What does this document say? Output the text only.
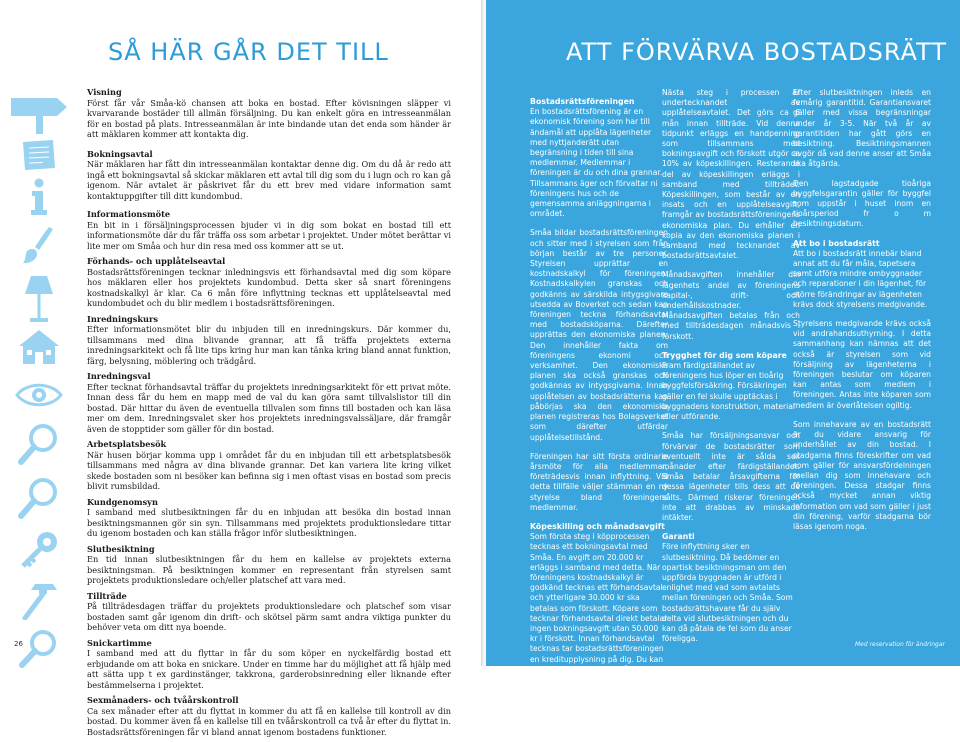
SÅ HÄR GÅR DET TILL	ATT FÖRVÄRVA BOSTADSRÄTT
Visning

Först får vår Småa-kö chansen att boka en bostad. Efter kövisningen släpper vi kvarvarande bostäder till allmän försäljning. Du kan enkelt göra en intresseanmälan för en bostad på plats. Intresseanmälan är inte bindande utan det enda som händer är att mäklaren kommer att kontakta dig.

Bokningsavtal

När mäklaren har fått din intresseanmälan kontaktar denne dig. Om du då är redo att ingå ett bokningsavtal så skickar mäklaren ett avtal till dig som du i lugn och ro kan gå igenom. När avtalet är påskrivet får du ett brev med vidare information samt kontaktuppgifter till ditt kundombud.

Informationsmöte

En bit in i försäljningsprocessen bjuder vi in dig som bokat en bostad till ett informationsmöte där du får träffa oss som arbetar i projektet. Under mötet berättar vi lite mer om Småa och hur din resa med oss kommer att se ut.

Förhands- och upplåtelseavtal

Bostadsrättsföreningen tecknar inledningsvis ett förhandsavtal med dig som köpare hos mäklaren eller hos projektets kundombud. Detta sker så snart föreningens kostnadskalkyl är klar. Ca 6 mån före inflyttning tecknas ett upplåtelseavtal med kundombudet och du blir medlem i bostadsrättsföreningen.

Inredningskurs

Efter informationsmötet blir du inbjuden till en inredningskurs. Där kommer du, tillsammans med dina blivande grannar, att få träffa projektets externa inredningsarkitekt och få lite tips kring hur man kan tänka kring bland annat funktion, färg, belysning, möblering och trädgård.

Inredningsval

Efter tecknat förhandsavtal träffar du projektets inredningsarkitekt för ett privat möte. Innan dess får du hem en mapp med de val du kan göra samt tillvalslistor till din bostad. Där hittar du även de eventuella tillvalen som finns till bostaden och kan läsa mer om dem. Inredningsvalet sker hos projektets inredningsvalssäljare, där framgår även de stopptider som gäller för din bostad.

Arbetsplatsbesök

När husen börjar komma upp i området får du en inbjudan till ett arbetsplatsbesök tillsammans med några av dina blivande grannar. Det kan variera lite kring vilket skede bostaden som ni besöker kan befinna sig i men oftast visas en bostad som precis blivit rumsbildad.

Kundgenomsyn

I samband med slutbesiktningen får du en inbjudan att besöka din bostad innan besiktningsmannen gör sin syn. Tillsammans med projektets produktionsledare tittar du igenom bostaden och kan ställa frågor inför slutbesiktningen.

Slutbesiktning

En tid innan slutbesiktningen får du hem en kallelse av projektets externa besiktningsman. På besiktningen kommer en representant från styrelsen samt projektets produktionsledare och/eller platschef att vara med.

Tillträde

På tillträdesdagen träffar du projektets produktionsledare och platschef som visar bostaden samt går igenom din drift- och skötsel pärm samt andra viktiga punkter du behöver veta om ditt nya boende.

Snickartimme

I samband med att du flyttar in får du som köper en nyckelfärdig bostad ett erbjudande om att boka en snickare. Under en timme har du möjlighet att få hjälp med att sätta upp t ex gardinstänger, takkrona, garderobsinredning eller liknande efter bestämmelserna i projektet.

Sexmånaders- och tvåårskontroll

Ca sex månader efter att du flyttat in kommer du att få en kallelse till kontroll av din bostad. Du kommer även få en kallelse till en tvåårskontroll ca två år efter du flyttat in. Bostadsrättsföreningen får vi bland annat igenom bostadens funktioner.

Bostadsrättsföreningen
En bostadsrättsförening är en ekonomisk förening som har till ändamål att upplåta lägenheter med nyttjanderätt utan begränsning i tiden till sina medlemmar. Medlemmar i föreningen är du och dina grannar. Tillsammans äger och förvaltar ni föreningens hus och de gemensamma anläggningarna i området.

Småa bildar bostadsrättsföreningen och sitter med i styrelsen som från början består av tre personer. Styrelsen upprättar en kostnadskalkyl för föreningen. Kostnadskalkylen granskas och godkänns av särskilda intygsgivare utsedda av Boverket och sedan kan föreningen teckna förhandsavtal med bostadsköparna. Därefter upprättas den ekonomiska planen. Den innehåller fakta om föreningens ekonomi och verksamhet. Den ekonomiska planen ska också granskas och godkännas av intygsgivarna. Innan upplåtelsen av bostadsrätterna kan påbörjas ska den ekonomiska planen registreras hos Bolagsverket som därefter utfärdar upplåtelsetillstånd.

Föreningen har sitt första ordinarie årsmöte för alla medlemmar, företrädesvis innan inflyttning. Vid detta tillfälle väljer stämman en ny styrelse bland föreningens medlemmar.

Köpeskilling och månadsavgift
Som första steg i köpprocessen tecknas ett bokningsavtal med Småa. En avgift om 20.000 kr erläggs i samband med detta. När föreningens kostnadskalkyl är godkänd tecknas ett förhandsavtal och ytterligare 30.000 kr ska betalas som förskott. Köpare som tecknar förhandsavtal direkt betalar ingen bokningsavgift utan 50.000 kr i förskott. Innan förhandsavtal tecknas tar bostadsrättsföreningen en kreditupplysning på dig. Du kan ta del av upplysningen på www.minupplysning.se.

Nästa steg i processen är undertecknandet av upplåtelseavtalet. Det görs ca 6 mån innan tillträde. Vid denna tidpunkt erläggs en handpenning som tillsammans med bokningsavgift och förskott utgör ca 10% av köpeskillingen. Resterande del av köpeskillingen erläggs i samband med tillträdet. Köpeskillingen, som består av en insats och en upplåtelseavgift, framgår av bostadsrättsföreningens ekonomiska plan. Du erhåller en kopia av den ekonomiska planen i samband med tecknandet av bostadsrättsavtalet.

Månadsavgiften innehåller din lägenhets andel av föreningens kapital-, drift- och underhållskostnader. Månadsavgiften betalas från och med tillträdesdagen månadsvis i förskott.

Trygghet för dig som köpare
Fram färdigställandet av föreningens hus löper en tioårig byggfelsförsäkring. Försäkringen gäller en fel skulle upptäckas i byggnadens konstruktion, material eller utförande.

Småa har försäljningsansvar och förvärvar de bostadsrätter som eventuellt inte är sålda sex månader efter färdigställandet. Småa betalar årsavgifterna för dessa lägenheter tills dess att de sålts. Därmed riskerar föreningen inte att drabbas av minskade intäkter.

Garanti
Före inflyttning sker en slutbesiktning. Då bedömer en opartisk besiktningsman om den uppförda byggnaden är utförd i enlighet med vad som avtalats mellan föreningen och Småa. Som bostadsrättshavare får du själv delta vid slutbesiktningen och du kan då påtala de fel som du anser föreligga.

Efter slutbesiktningen inleds en femårig garantitid. Garantiansvaret gäller med vissa begränsningar under år 3-5. När två år av garantitiden har gått görs en besiktning. Besiktningsmannen avgör då vad denne anser att Småa ska åtgärda.

Den lagstadgade tioåriga byggfelsgarantin gäller för byggfel som uppstår i huset inom en tioårsperiod fr o m besiktningsdatum.

Att bo i bostadsrätt
Att bo i bostadsrätt innebär bland annat att du får måla, tapetsera samt utföra mindre ombyggnader och reparationer i din lägenhet, för större förändringar av lägenheten krävs dock styrelsens medgivande.

Styrelsens medgivande krävs också vid andrahandsuthyrning. I detta sammanhang kan nämnas att det också är styrelsen som vid försäljning av lägenheterna i föreningen beslutar om köparen kan antas som medlem i föreningen. Antas inte köparen som medlem är överlåtelsen ogiltig.

Som innehavare av en bostadsrätt är du vidare ansvarig för underhållet av din bostad. I stadgarna finns föreskrifter om vad som gäller för ansvarsfördelningen mellan dig som innehavare och föreningen. Dessa stadgar finns också mycket annan viktig information om vad som gäller i just din förening, varför stadgarna bör läsas igenom noga.

26	Med reservation för ändringar
